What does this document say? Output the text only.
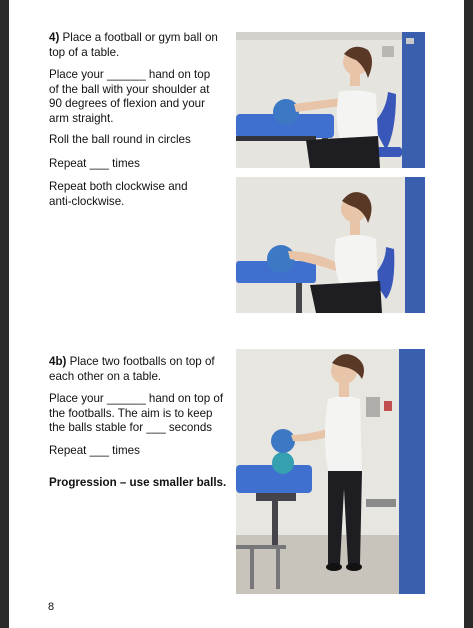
4) Place a football or gym ball on top of a table.

Place your ______ hand on top of the ball with your shoulder at 90 degrees of flexion and your arm straight.

Roll the ball round in circles

Repeat ___ times

Repeat both clockwise and anti-clockwise.

4b) Place two footballs on top of each other on a table.

Place your ______ hand on top of the footballs. The aim is to keep the balls stable for ___ seconds

Repeat ___ times

Progression – use smaller balls.

8
